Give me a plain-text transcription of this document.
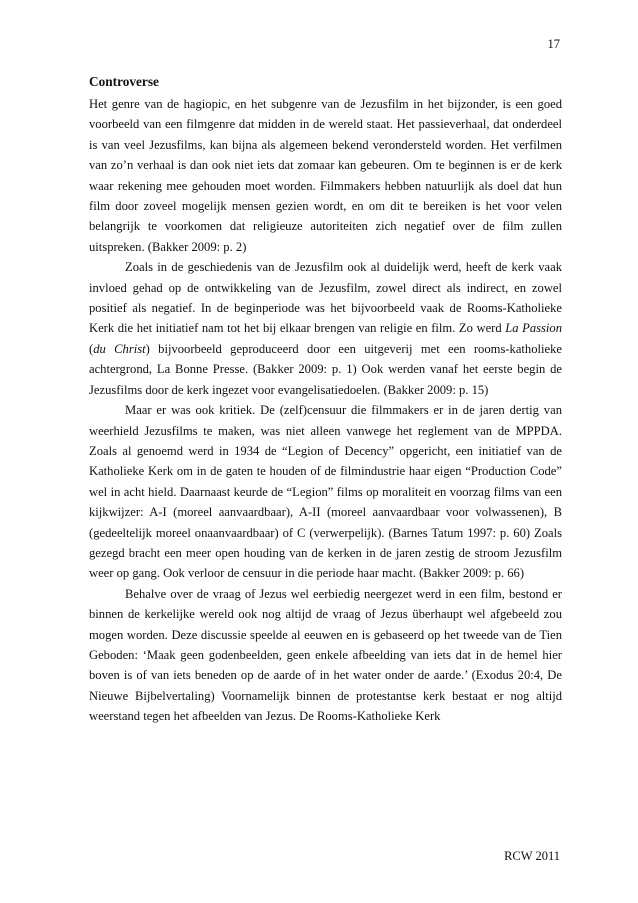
17
Controverse

Het genre van de hagiopic, en het subgenre van de Jezusfilm in het bijzonder, is een goed voorbeeld van een filmgenre dat midden in de wereld staat. Het passieverhaal, dat onderdeel is van veel Jezusfilms, kan bijna als algemeen bekend verondersteld worden. Het verfilmen van zo’n verhaal is dan ook niet iets dat zomaar kan gebeuren. Om te beginnen is er de kerk waar rekening mee gehouden moet worden. Filmmakers hebben natuurlijk als doel dat hun film door zoveel mogelijk mensen gezien wordt, en om dit te bereiken is het voor velen belangrijk te voorkomen dat religieuze autoriteiten zich negatief over de film zullen uitspreken. (Bakker 2009: p. 2)

Zoals in de geschiedenis van de Jezusfilm ook al duidelijk werd, heeft de kerk vaak invloed gehad op de ontwikkeling van de Jezusfilm, zowel direct als indirect, en zowel positief als negatief. In de beginperiode was het bijvoorbeeld vaak de Rooms-Katholieke Kerk die het initiatief nam tot het bij elkaar brengen van religie en film. Zo werd La Passion (du Christ) bijvoorbeeld geproduceerd door een uitgeverij met een rooms-katholieke achtergrond, La Bonne Presse. (Bakker 2009: p. 1) Ook werden vanaf het eerste begin de Jezusfilms door de kerk ingezet voor evangelisatiedoelen. (Bakker 2009: p. 15)

Maar er was ook kritiek. De (zelf)censuur die filmmakers er in de jaren dertig van weerhield Jezusfilms te maken, was niet alleen vanwege het reglement van de MPPDA. Zoals al genoemd werd in 1934 de “Legion of Decency” opgericht, een initiatief van de Katholieke Kerk om in de gaten te houden of de filmindustrie haar eigen “Production Code” wel in acht hield. Daarnaast keurde de “Legion” films op moraliteit en voorzag films van een kijkwijzer: A-I (moreel aanvaardbaar), A-II (moreel aanvaardbaar voor volwassenen), B (gedeeltelijk moreel onaanvaardbaar) of C (verwerpelijk). (Barnes Tatum 1997: p. 60) Zoals gezegd bracht een meer open houding van de kerken in de jaren zestig de stroom Jezusfilm weer op gang. Ook verloor de censuur in die periode haar macht. (Bakker 2009: p. 66)

Behalve over de vraag of Jezus wel eerbiedig neergezet werd in een film, bestond er binnen de kerkelijke wereld ook nog altijd de vraag of Jezus überhaupt wel afgebeeld zou mogen worden. Deze discussie speelde al eeuwen en is gebaseerd op het tweede van de Tien Geboden: ‘Maak geen godenbeelden, geen enkele afbeelding van iets dat in de hemel hier boven is of van iets beneden op de aarde of in het water onder de aarde.’ (Exodus 20:4, De Nieuwe Bijbelvertaling) Voornamelijk binnen de protestantse kerk bestaat er nog altijd weerstand tegen het afbeelden van Jezus. De Rooms-Katholieke Kerk

RCW 2011
